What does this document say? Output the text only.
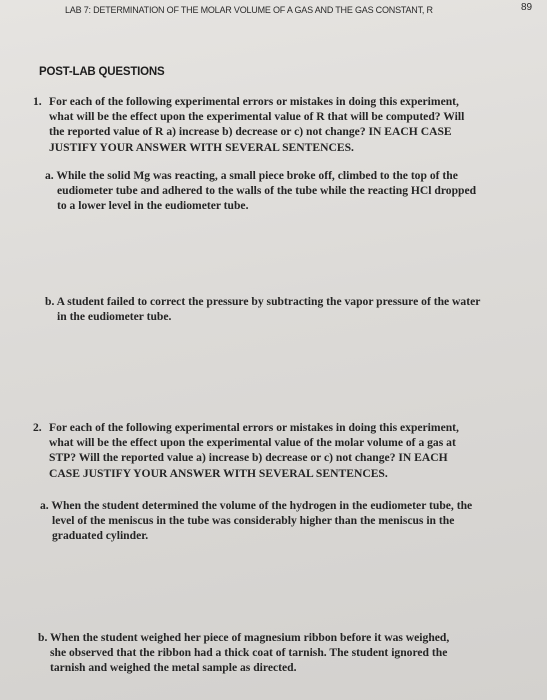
LAB 7: DETERMINATION OF THE MOLAR VOLUME OF A GAS AND THE GAS CONSTANT, R	89
POST-LAB QUESTIONS
1. For each of the following experimental errors or mistakes in doing this experiment,
what will be the effect upon the experimental value of R that will be computed? Will
the reported value of R a) increase b) decrease or c) not change? IN EACH CASE
JUSTIFY YOUR ANSWER WITH SEVERAL SENTENCES.
a. While the solid Mg was reacting, a small piece broke off, climbed to the top of the
eudiometer tube and adhered to the walls of the tube while the reacting HCl dropped
to a lower level in the eudiometer tube.
b. A student failed to correct the pressure by subtracting the vapor pressure of the water
in the eudiometer tube.
2. For each of the following experimental errors or mistakes in doing this experiment,
what will be the effect upon the experimental value of the molar volume of a gas at
STP? Will the reported value a) increase b) decrease or c) not change? IN EACH
CASE JUSTIFY YOUR ANSWER WITH SEVERAL SENTENCES.
a. When the student determined the volume of the hydrogen in the eudiometer tube, the
level of the meniscus in the tube was considerably higher than the meniscus in the
graduated cylinder.
b. When the student weighed her piece of magnesium ribbon before it was weighed,
she observed that the ribbon had a thick coat of tarnish. The student ignored the
tarnish and weighed the metal sample as directed.
